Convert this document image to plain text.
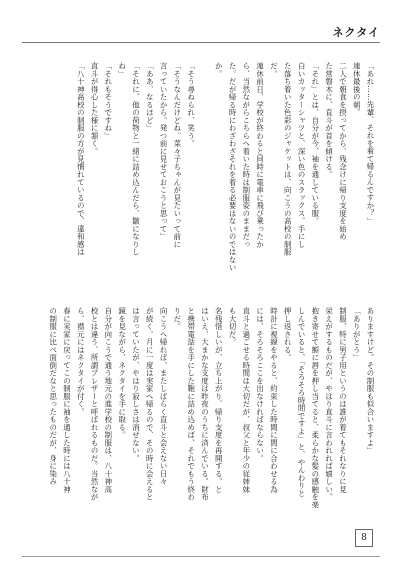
ネクタイ
「あれ……先輩、それを着て帰るんですか？」
連休最後の朝。
二人で朝食を摂ってから、残念けに帰り支度を始め
た常磐木に、直斗が首を傾ける。
「それ」とは、自分が今、袖を通している服。
白いカッターシャツと、深い色のスラックス。手にし
た落ち着いた色彩のジャケットは、向こうの高校の制服
だ。
連休前日、学校が終わると同時に電車に飛び乗ったか
ら、当然ながらこちらへ着いた時は制服姿のままだっ
た。だが帰る時にわざわざそれを着る必要はないのではない
か。
「そう尋ねられ、笑う。
「そうなんだけどね。菜々子ちゃんが見たいって前に
言っていたから。発つ前に見せておこうと思って」
「ああ、なるほど」
「それに、他の荷物と一緒に詰め込んだら、皺になりし
ね」
「それもそうですね」
直斗が得心した様に頷く。
「八十神高校の制服の方が見慣れているので、違和感は
ありますけど。その制服も似合いますよ」
「ありがとう」
制服、特に男子用というのは誰が着てもそれなりに見
栄えがするものだが、やはり直斗に言われれば嬉しい。
抱き寄せて額に唇を押し当てると、柔らかな髪の感触を楽
しんでいると、「そろそろ時間ですよ」と、やんわりと
押し返される。
時計に視線をやると、約束した時間に間に合わせる為
には、そろそろここを出なければならない。
直斗と過ごせる時間は大切だが、叔父と年少の従姉妹
も大切だ。
名残惜しいが、立ち上がり、帰り支度を再開する。と
はいえ、大まかな支度は昨夜のうちに済んでいる。財布
と携帯電話を手にした鞄に詰め込めば、それでもう終わ
りだ。
向こうへ帰れば、またしばらく直斗と会えない日々
が続く。月に一度は実家へ帰るので、その時に会えると
は言っていたが、やはり寂しさは消せない。
鏡を見ながら、ネクタイを手に取る。
自分が向こうで通う地元の進学校の制服は、八十神高
校とは違う、所謂ブレザーと呼ばれるものだ。当然なが
ら、襟元にはネクタイが付く。
春に実家に戻ってこの制服に袖を通した時には八十神
の制服に比べ面倒だなと思ったものだが、身に染み
8
